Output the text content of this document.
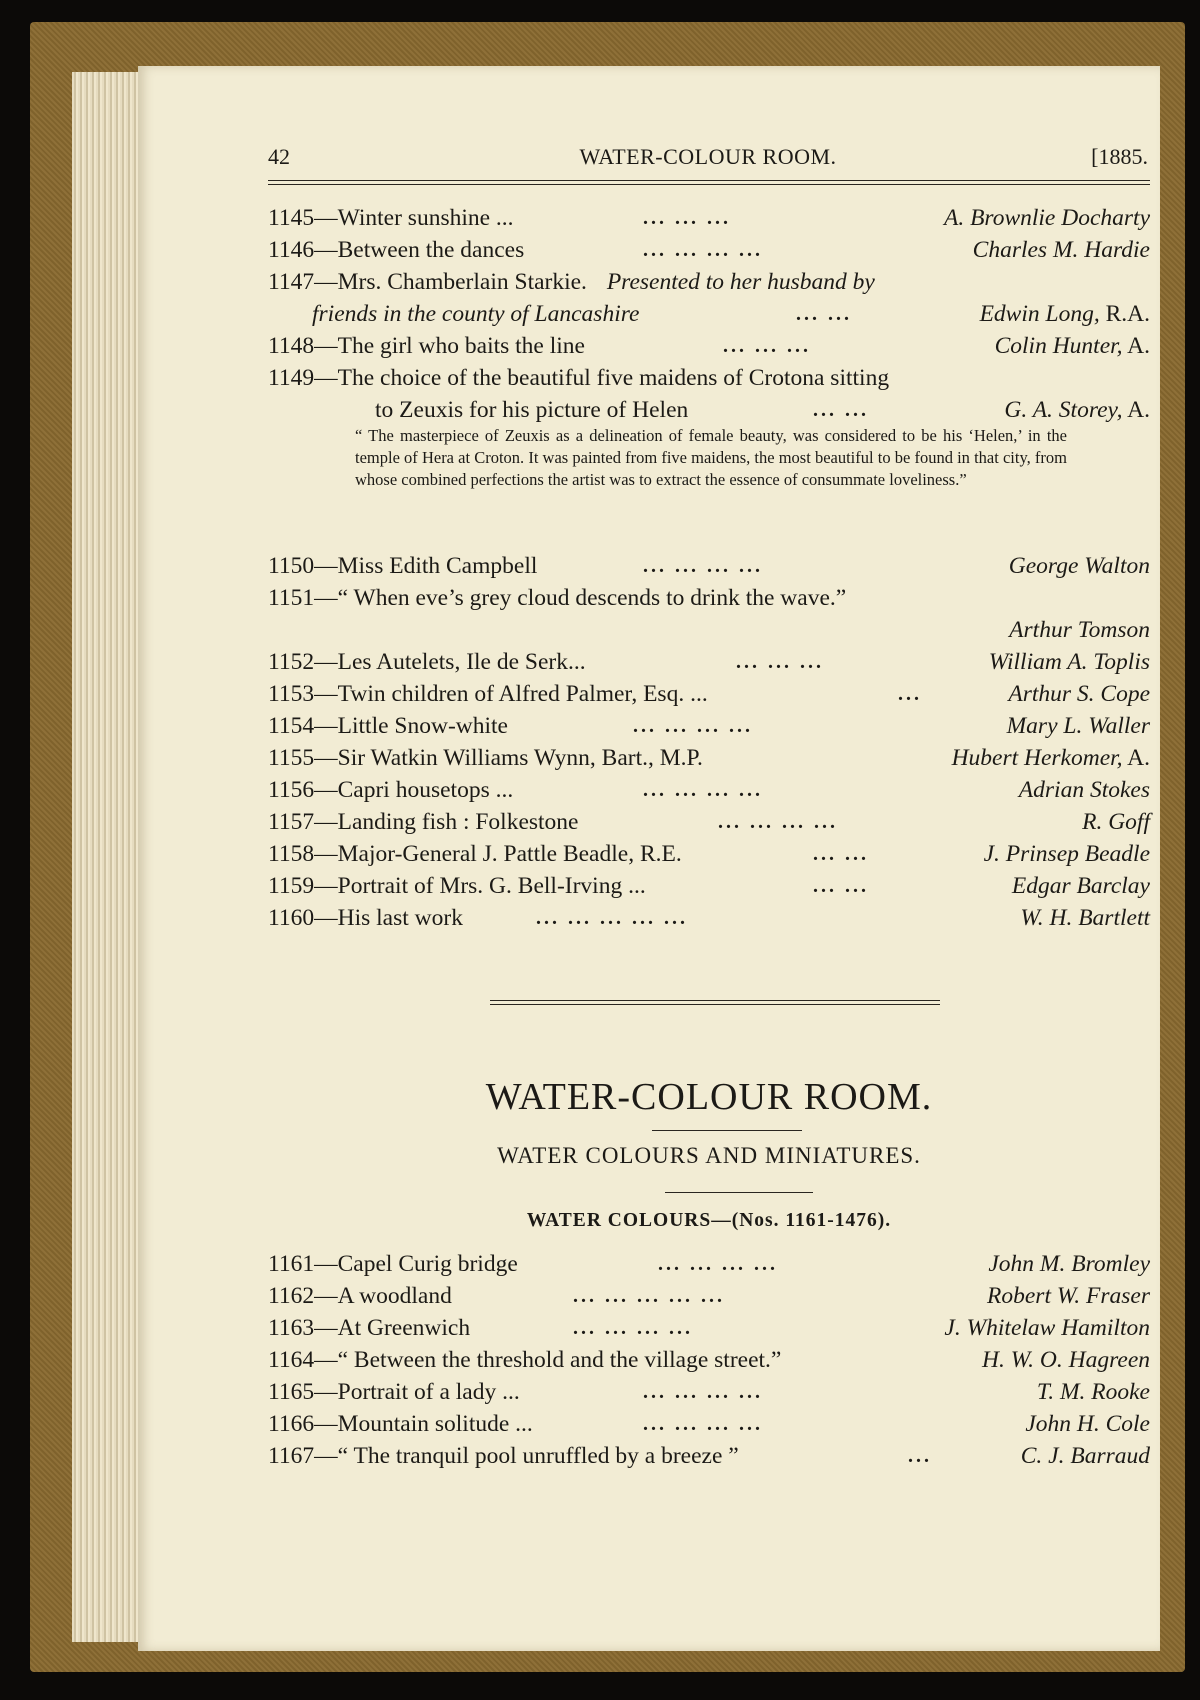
42	WATER-COLOUR ROOM.	[1885.
1145—Winter sunshine ...	... ... ...	A. Brownlie Docharty
1146—Between the dances	... ... ... ...	Charles M. Hardie
1147—Mrs. Chamberlain Starkie. Presented to her husband by
friends in the county of Lancashire	... ...	Edwin Long, R.A.
1148—The girl who baits the line	... ... ...	Colin Hunter, A.
1149—The choice of the beautiful five maidens of Crotona sitting
to Zeuxis for his picture of Helen	... ...	G. A. Storey, A.
“ The masterpiece of Zeuxis as a delineation of female beauty, was considered to be his ‘Helen,’ in the temple of Hera at Croton. It was painted from five maidens, the most beautiful to be found in that city, from whose combined perfections the artist was to extract the essence of consummate loveliness.”
1150—Miss Edith Campbell	... ... ... ...	George Walton
1151—“ When eve’s grey cloud descends to drink the wave.”
Arthur Tomson
1152—Les Autelets, Ile de Serk...	... ... ...	William A. Toplis
1153—Twin children of Alfred Palmer, Esq. ...	...	Arthur S. Cope
1154—Little Snow-white	... ... ... ...	Mary L. Waller
1155—Sir Watkin Williams Wynn, Bart., M.P.	Hubert Herkomer, A.
1156—Capri housetops ...	... ... ... ...	Adrian Stokes
1157—Landing fish : Folkestone	... ... ... ...	R. Goff
1158—Major-General J. Pattle Beadle, R.E.	... ...	J. Prinsep Beadle
1159—Portrait of Mrs. G. Bell-Irving ...	... ...	Edgar Barclay
1160—His last work	... ... ... ... ...	W. H. Bartlett
WATER-COLOUR ROOM.
WATER COLOURS AND MINIATURES.
WATER COLOURS—(Nos. 1161-1476).
1161—Capel Curig bridge	... ... ... ...	John M. Bromley
1162—A woodland	... ... ... ... ...	Robert W. Fraser
1163—At Greenwich	... ... ... ...	J. Whitelaw Hamilton
1164—“ Between the threshold and the village street.”	H. W. O. Hagreen
1165—Portrait of a lady ...	... ... ... ...	T. M. Rooke
1166—Mountain solitude ...	... ... ... ...	John H. Cole
1167—“ The tranquil pool unruffled by a breeze ”	...	C. J. Barraud
